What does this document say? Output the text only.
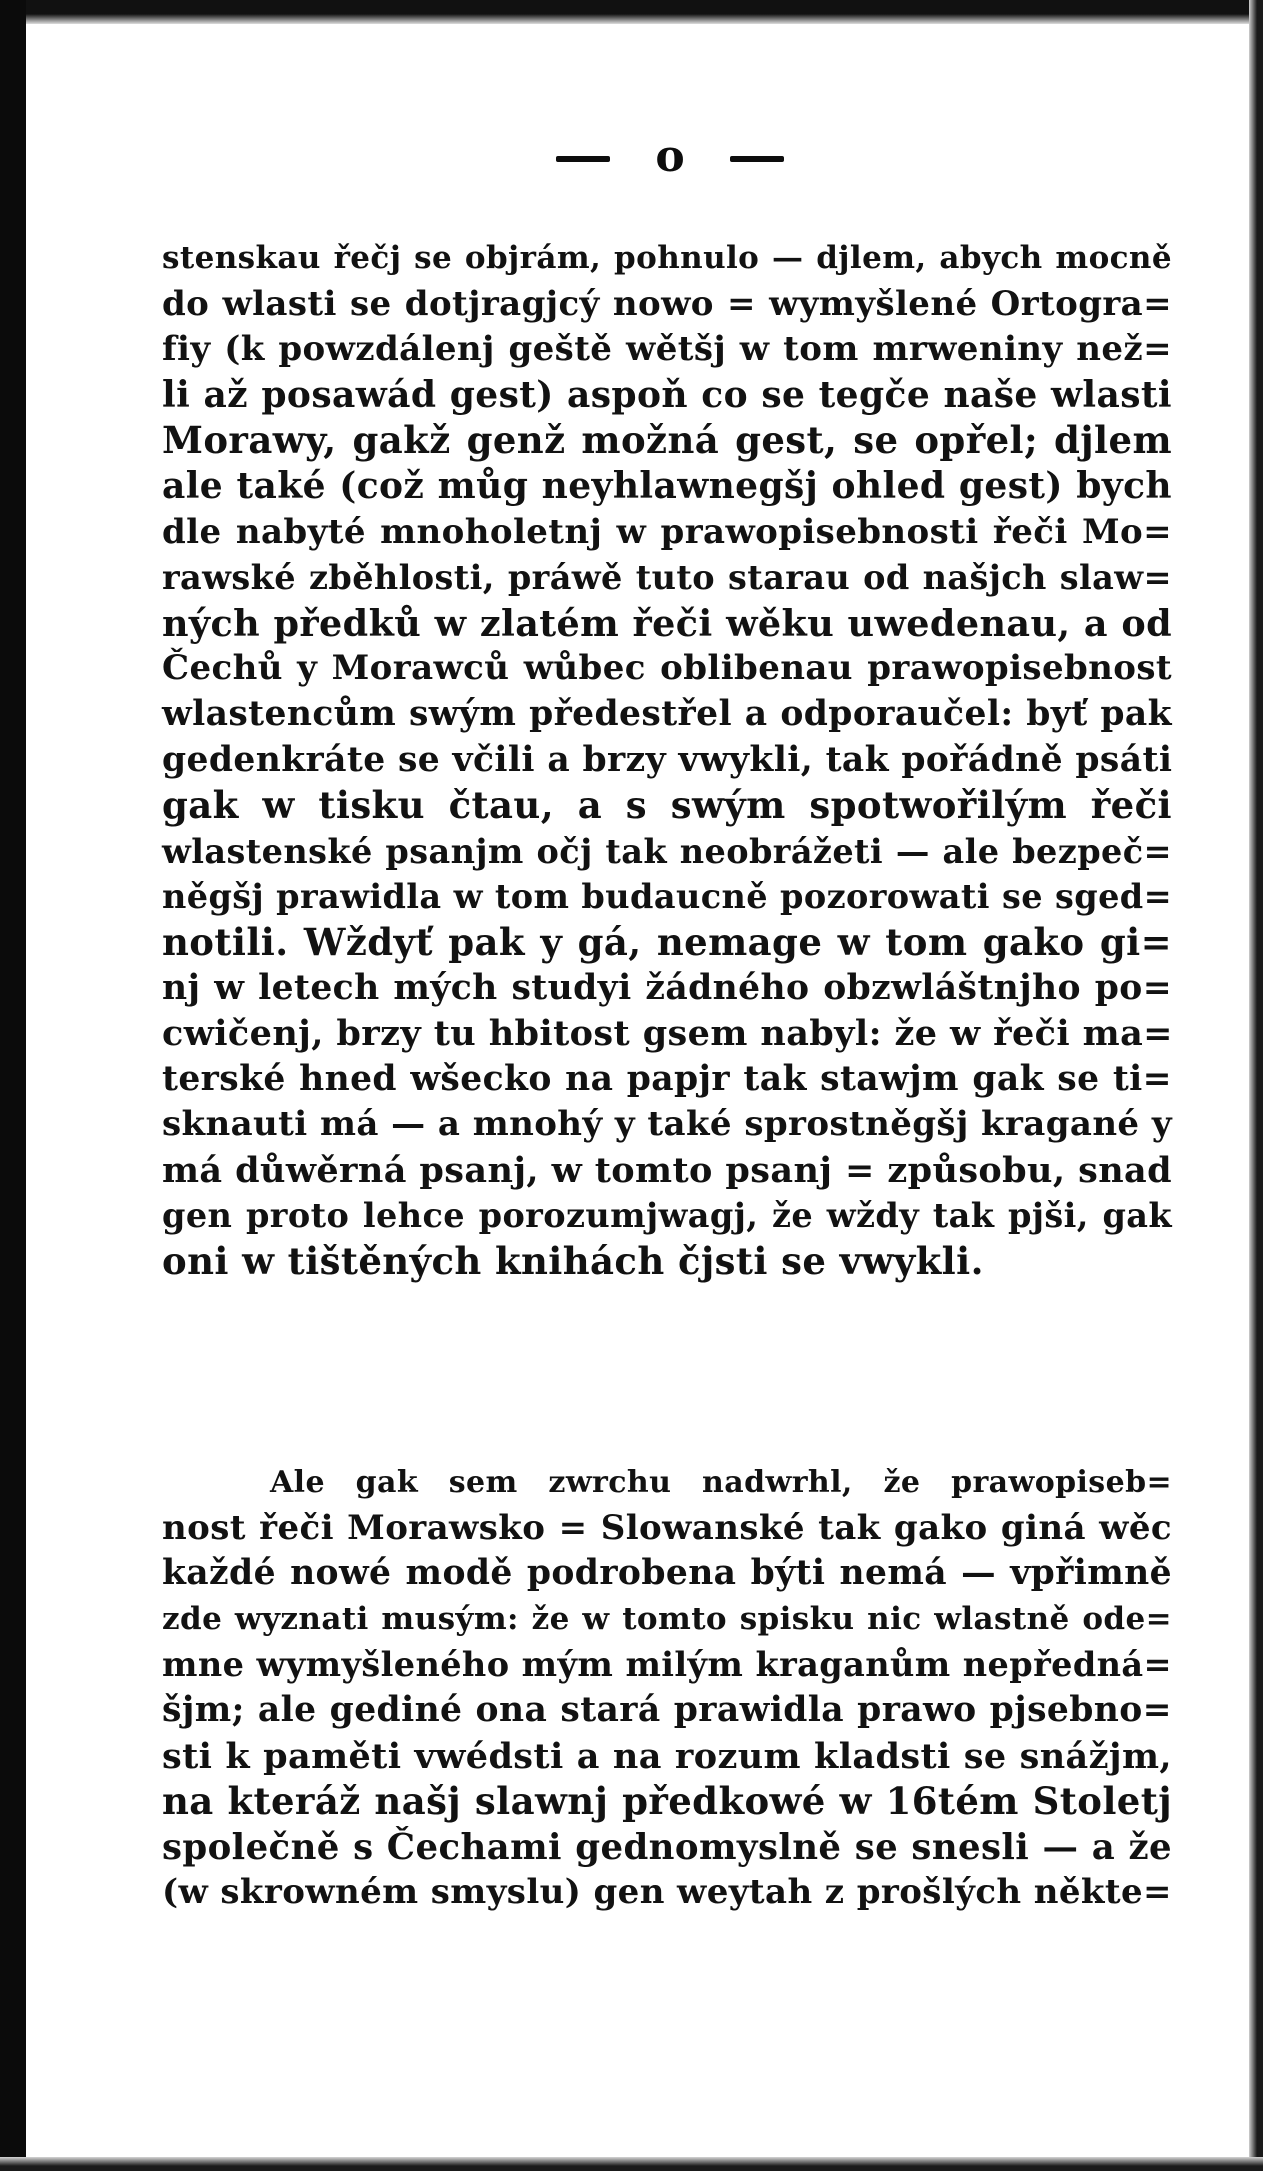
o
stenskau řečj se objrám, pohnulo — djlem, abych mocně
do wlasti se dotjragjcý nowo = wymyšlené Ortogra=
fiy (k powzdálenj geště wětšj w tom mrweniny než=
li až posawád gest) aspoň co se tegče naše wlasti
Morawy, gakž genž možná gest, se opřel; djlem
ale také (což můg neyhlawnegšj ohled gest) bych
dle nabyté mnoholetnj w prawopisebnosti řeči Mo=
rawské zběhlosti, práwě tuto starau od našjch slaw=
ných předků w zlatém řeči wěku uwedenau, a od
Čechů y Morawců wůbec oblibenau prawopisebnost
wlastencům swým předestřel a odporaučel: byť pak
gedenkráte se včili a brzy vwykli, tak pořádně psáti
gak w tisku čtau, a s swým spotwořilým řeči
wlastenské psanjm očj tak neobrážeti — ale bezpeč=
něgšj prawidla w tom budaucně pozorowati se sged=
notili. Wždyť pak y gá, nemage w tom gako gi=
nj w letech mých studyi žádného obzwláštnjho po=
cwičenj, brzy tu hbitost gsem nabyl: že w řeči ma=
terské hned wšecko na papjr tak stawjm gak se ti=
sknauti má — a mnohý y také sprostněgšj kragané y
má důwěrná psanj, w tomto psanj = způsobu, snad
gen proto lehce porozumjwagj, že wždy tak pjši, gak
oni w tištěných knihách čjsti se vwykli.
Ale gak sem zwrchu nadwrhl, že prawopiseb=
nost řeči Morawsko = Slowanské tak gako giná wěc
každé nowé modě podrobena býti nemá — vpřimně
zde wyznati musým: že w tomto spisku nic wlastně ode=
mne wymyšleného mým milým kraganům nepředná=
šjm; ale gediné ona stará prawidla prawo pjsebno=
sti k paměti vwédsti a na rozum kladsti se snážjm,
na kteráž našj slawnj předkowé w 16tém Stoletj
společně s Čechami gednomyslně se snesli — a že
(w skrowném smyslu) gen weytah z prošlých někte=
